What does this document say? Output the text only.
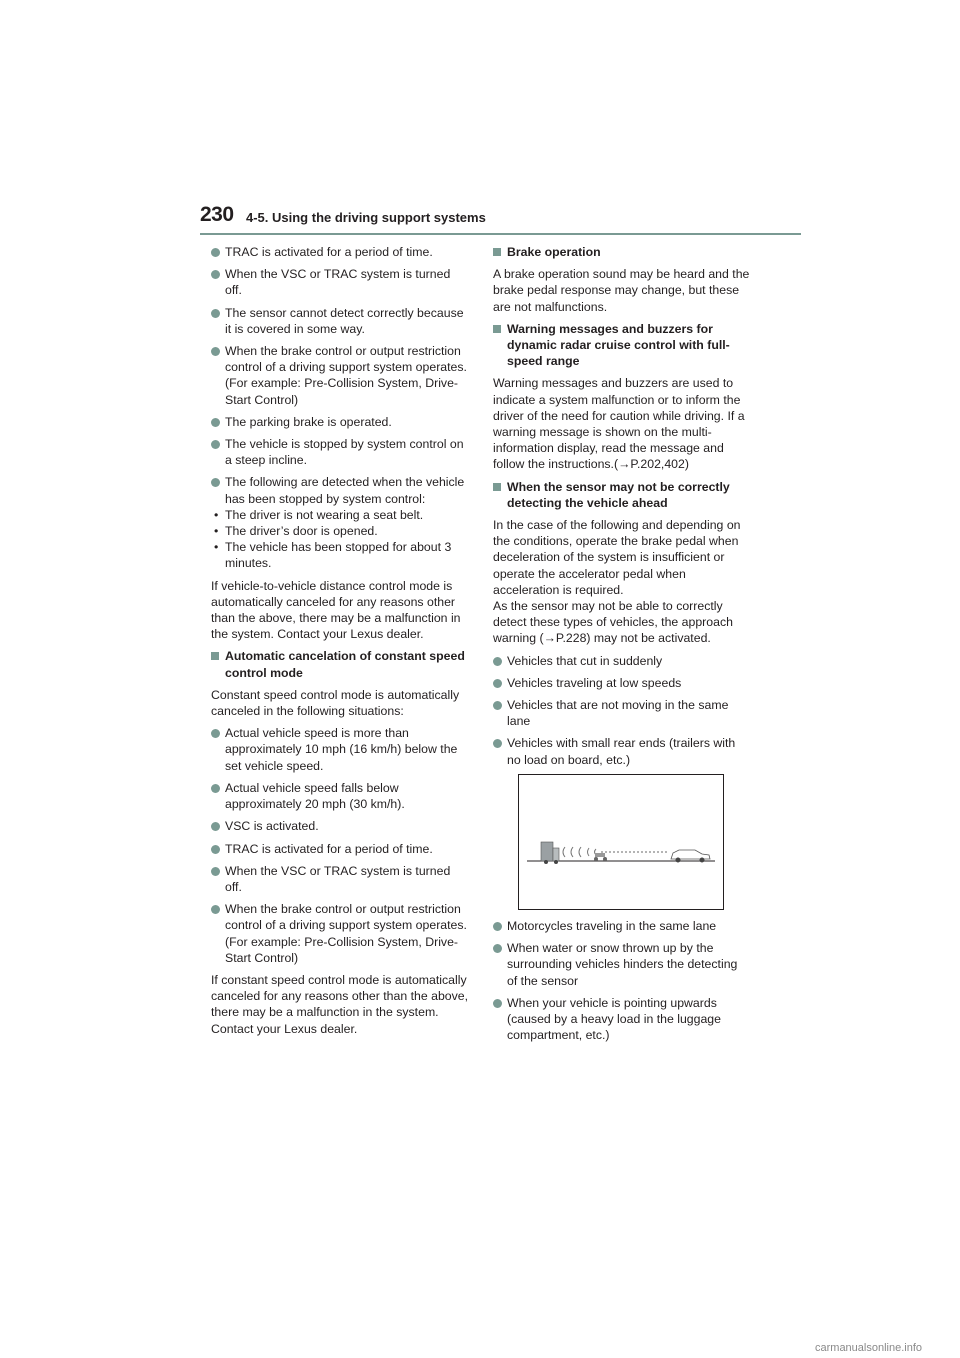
230 4-5. Using the driving support systems
TRAC is activated for a period of time.
When the VSC or TRAC system is turned off.
The sensor cannot detect correctly because it is covered in some way.
When the brake control or output restriction control of a driving support system operates.
(For example: Pre-Collision System, Drive-Start Control)
The parking brake is operated.
The vehicle is stopped by system control on a steep incline.
The following are detected when the vehicle has been stopped by system control:
• The driver is not wearing a seat belt.
• The driver’s door is opened.
• The vehicle has been stopped for about 3 minutes.

If vehicle-to-vehicle distance control mode is automatically canceled for any reasons other than the above, there may be a malfunction in the system. Contact your Lexus dealer.

Automatic cancelation of constant speed control mode

Constant speed control mode is automatically canceled in the following situations:

Actual vehicle speed is more than approximately 10 mph (16 km/h) below the set vehicle speed.
Actual vehicle speed falls below approximately 20 mph (30 km/h).
VSC is activated.
TRAC is activated for a period of time.
When the VSC or TRAC system is turned off.
When the brake control or output restriction control of a driving support system operates.
(For example: Pre-Collision System, Drive-Start Control)

If constant speed control mode is automatically canceled for any reasons other than the above, there may be a malfunction in the system. Contact your Lexus dealer.

Brake operation

A brake operation sound may be heard and the brake pedal response may change, but these are not malfunctions.

Warning messages and buzzers for dynamic radar cruise control with full-speed range

Warning messages and buzzers are used to indicate a system malfunction or to inform the driver of the need for caution while driving. If a warning message is shown on the multi-information display, read the message and follow the instructions.(→P.202,402)

When the sensor may not be correctly detecting the vehicle ahead

In the case of the following and depending on the conditions, operate the brake pedal when deceleration of the system is insufficient or operate the accelerator pedal when acceleration is required.

As the sensor may not be able to correctly detect these types of vehicles, the approach warning (→P.228) may not be activated.

Vehicles that cut in suddenly
Vehicles traveling at low speeds
Vehicles that are not moving in the same lane
Vehicles with small rear ends (trailers with no load on board, etc.)
Motorcycles traveling in the same lane
When water or snow thrown up by the surrounding vehicles hinders the detecting of the sensor
When your vehicle is pointing upwards (caused by a heavy load in the luggage compartment, etc.)
carmanualsonline.info
